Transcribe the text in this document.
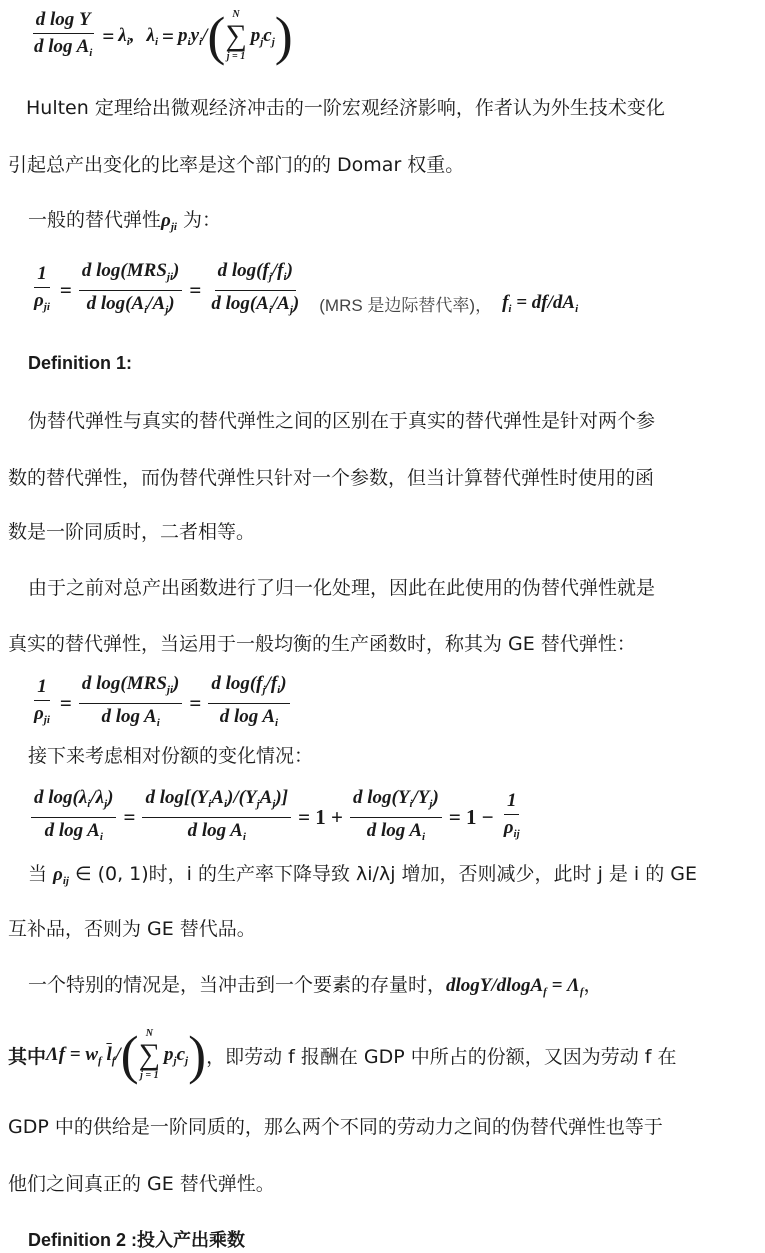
$\frac{\text{d log Υ}}{d \log A_i} = \lambda_i$, $\lambda_i = p_iy_i/$ ( N
∑
j = 1
$p_jc_j$ )
Hulten 定理给出微观经济冲击的一阶宏观经济影响，作者认为外生技术变化
引起总产出变化的比率是这个部门的的 Domar 权重。
一般的替代弹性$\rho_{ji}$ 为：
$\frac{1}{\rho_{ji}} = \frac{d \log(MRS_{ji})}{d \log(A_i/A_j)} = \frac{d \log(f_j/f_i)}{d \log(A_i/A_j)} (MRS$ 是边际替代率)， $f_i = df/dA_i$
Definition 1:
伪替代弹性与真实的替代弹性之间的区别在于真实的替代弹性是针对两个参
数的替代弹性，而伪替代弹性只针对一个参数，但当计算替代弹性时使用的函
数是一阶同质时，二者相等。
由于之前对总产出函数进行了归一化处理，因此在此使用的伪替代弹性就是
真实的替代弹性，当运用于一般均衡的生产函数时，称其为 GE 替代弹性：
$\frac{1}{\rho_{ji}} = \frac{d \log(MRS_{ji})}{d \log A_i} = \frac{d \log(f_j/f_i)}{d \log A_i}$
接下来考虑相对份额的变化情况：
$\frac{d \log(\lambda_i/\lambda_j)}{d \log A_i} = \frac{d \log[(\Upsilon_iA_i)/(\Upsilon_jA_j)]}{d \log A_i} = 1 + \frac{d \log(\Upsilon_i/\Upsilon_j)}{d \log A_i} = 1 - \frac{1}{\rho_{ij}}$
当 $\rho_{ij}$ ∈ (0, 1)时，i 的生产率下降导致 λi/λj 增加，否则减少，此时 j 是 i 的 GE
互补品，否则为 GE 替代品。
一个特别的情况是，当冲击到一个要素的存量时，$dlog\Upsilon/dlogA_f = \Lambda_f$，
其中 $\Lambda f = w_f$ $\overline{l}_f/$ ( N
∑
j = 1
$p_jc_j$ ) ，即劳动 f 报酬在 GDP 中所占的份额，又因为劳动 f 在
GDP 中的供给是一阶同质的，那么两个不同的劳动力之间的伪替代弹性也等于
他们之间真正的 GE 替代弹性。
Definition 2 :投入产出乘数
